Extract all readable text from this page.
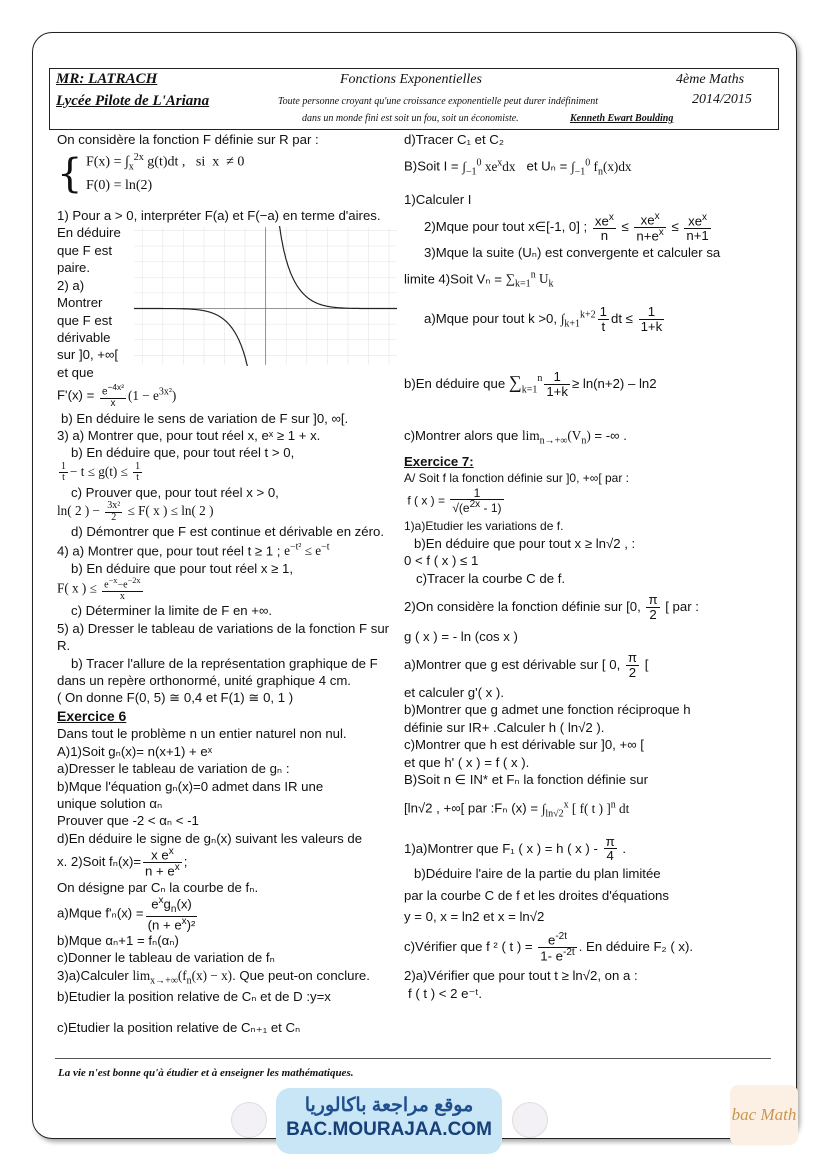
MR: LATRACH
Lycée Pilote de L'Ariana
Fonctions Exponentielles	4ème Maths
2014/2015
Toute personne croyant qu'une croissance exponentielle peut durer indéfiniment
dans un monde fini est soit un fou, soit un économiste.	Kenneth Ewart Boulding

On considère la fonction F définie sur R par :

{ $F(x) = \int_x^{2x}$ g(t)dt ,   si  x  ≠ 0
F(0) = ln(2)

1) Pour a > 0, interpréter F(a) et F(−a) en terme d'aires.

En déduire

que F est

paire.

2) a)

Montrer

que F est

dérivable

sur ]0, +∞[

et que

$F'(x) = \frac{e^{-4x^2}}{x} (1 - e^{3x^2})$

b) En déduire le sens de variation de F sur ]0, ∞[.

3) a) Montrer que, pour tout réel x, eˣ ≥ 1 + x.

b) En déduire que, pour tout réel t > 0,

$\frac{1}{t} - t \le g(t) \le \frac{1}{t}$

c) Prouver que, pour tout réel x > 0,

ln( 2 ) − $\frac{\text{3x²}}{2} \le F$( x ) ≤ ln( 2 )

d) Démontrer que F est continue et dérivable en zéro.

4) a) Montrer que, pour tout réel t ≥ 1 ; $e^{-t^2} \le e^{-t}$

b) En déduire que pour tout réel x ≥ 1,

F( x ) ≤ $\frac{e^{-x}-e^{-2x}}{x}$

c) Déterminer la limite de F en +∞.

5) a) Dresser le tableau de variations de la fonction F sur R.

b) Tracer l'allure de la représentation graphique de F dans un repère orthonormé, unité graphique 4 cm.

( On donne F(0, 5) ≅ 0,4 et F(1) ≅ 0, 1 )

Exercice 6

Dans tout le problème n un entier naturel non nul.

A)1)Soit gₙ(x)= n(x+1) + eˣ

a)Dresser le tableau de variation de gₙ :

b)Mque l'équation gₙ(x)=0 admet dans IR une

unique solution αₙ

Prouver que -2 < αₙ < -1

d)En déduire le signe de gₙ(x) suivant les valeurs de

x. 2)Soit $f_n(x)= \frac{x e^x}{n + e^x}$ ;

On désigne par Cₙ la courbe de fₙ.

a)Mque $f'_n(x) = \frac{e^xg_n(x)}{(n + e^x)^2}$

b)Mque αₙ+1 = fₙ(αₙ)

c)Donner le tableau de variation de fₙ

3)a)Calculer $\lim_{x\to+\infty}(f_n(x) - x)$. Que peut-on conclure.

b)Etudier la position relative de Cₙ et de D :y=x

c)Etudier la position relative de Cₙ₊₁ et Cₙ

d)Tracer C₁ et C₂

B)Soit $I = \int_{-1}^0$ $xe^xdx$ et $U_n = \int_{-1}^0$ $f_n(x)dx$

1)Calculer I

2)Mque pour tout x∈[-1, 0] ; $\frac{xe^x}{n} \le \frac{xe^x}{n+e^x} \le \frac{xe^x}{n+1}$

3)Mque la suite (Uₙ) est convergente et calculer sa

limite 4)Soit $V_n = \sum_{k=1}^n$ $U_k$

a)Mque pour tout k >0, $\int_{k+1}^{k+2} \frac{1}{t}$ dt ≤ $\frac{1}{1+k}$

b)En déduire que $\sum_{k=1}^n \frac{1}{1+k} \ge \ln(n+2) - \ln 2$

c)Montrer alors que $\lim_{n\to+\infty}(V_n)$ = -∞ .

Exercice 7:

A/ Soit f la fonction définie sur ]0, +∞[ par :

f ( x ) = $\frac{1}{√(e^{2x} - 1)}$

1)a)Etudier les variations de f.

b)En déduire que pour tout x ≥ ln√2 , :

0 < f ( x ) ≤ 1

c)Tracer la courbe C de f.

2)On considère la fonction définie sur [0, $\frac{\pi}{2}$ [ par :

g ( x ) = - ln (cos x )

a)Montrer que g est dérivable sur [ 0, $\frac{\pi}{2}$ [

et calculer g'( x ).

b)Montrer que g admet une fonction réciproque h

définie sur IR+ .Calculer h ( ln√2 ).

c)Montrer que h est dérivable sur ]0, +∞ [

et que h' ( x ) = f ( x ).

B)Soit n ∈ IN* et Fₙ la fonction définie sur

[ln√2 , +∞[ par :Fₙ $(x) = \int_{ln√2}^x$ [ f( t ) ]$^n$ dt

1)a)Montrer que F₁ ( x ) = h ( x ) - $\frac{\pi}{4}$ .

b)Déduire l'aire de la partie du plan limitée

par la courbe C de f et les droites d'équations

y = 0, x = ln2 et x = ln√2

c)Vérifier que f ² ( t ) = $\frac{e^{-2t}}{1- e^{-2t}}$ . En déduire F₂ ( x).

2)a)Vérifier que pour tout t ≥ ln√2, on a :

f ( t ) < 2 e⁻ᵗ.

La vie n'est bonne qu'à étudier et à enseigner les mathématiques.
موقع مراجعة باكالوريا
BAC.MOURAJAA.COM
bac Math
